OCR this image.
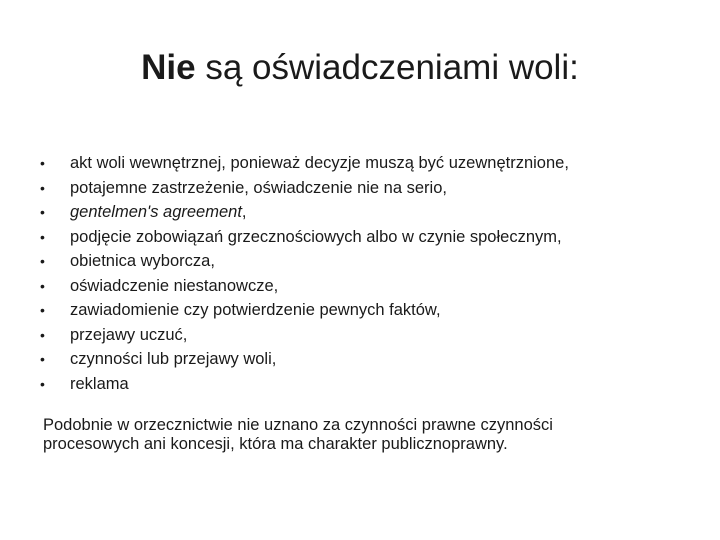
Nie są oświadczeniami woli:
•	akt woli wewnętrznej, ponieważ decyzje muszą być uzewnętrznione,
•	potajemne zastrzeżenie, oświadczenie nie na serio,
•	gentelmen's agreement,
•	podjęcie zobowiązań grzecznościowych albo w czynie społecznym,
•	obietnica wyborcza,
•	oświadczenie niestanowcze,
•	zawiadomienie czy potwierdzenie pewnych faktów,
•	przejawy uczuć,
•	czynności lub przejawy woli,
•	reklama

Podobnie w orzecznictwie nie uznano za czynności prawne czynności
procesowych ani koncesji, która ma charakter publicznoprawny.
